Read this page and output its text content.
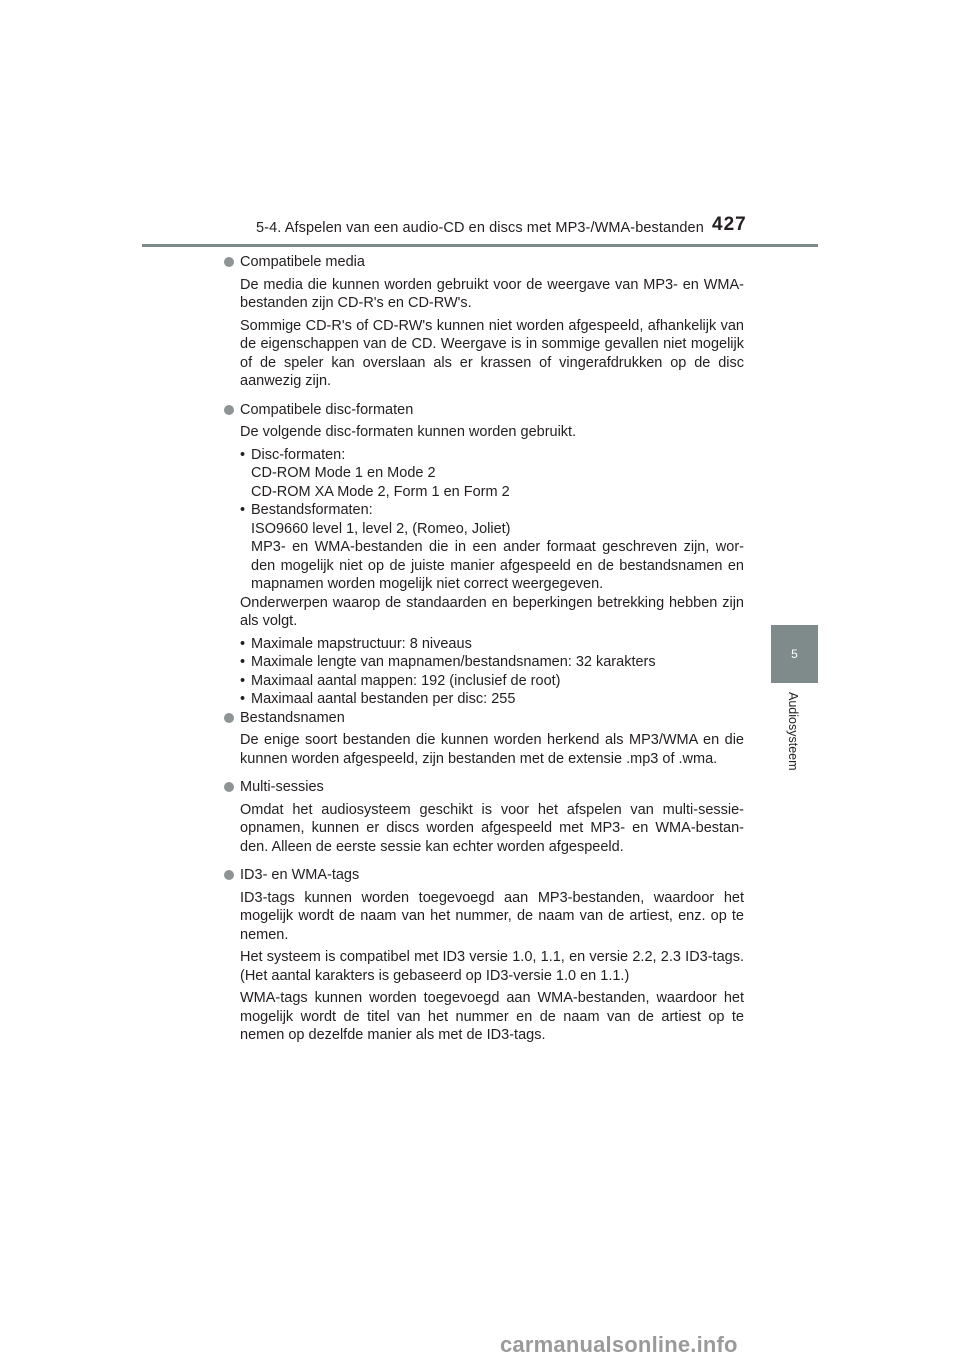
5-4. Afspelen van een audio-CD en discs met MP3-/WMA-bestanden 427
5
Audiosysteem
Compatibele media

De media die kunnen worden gebruikt voor de weergave van MP3- en WMA-bestanden zijn CD-R's en CD-RW's.

Sommige CD-R's of CD-RW's kunnen niet worden afgespeeld, afhankelijk van de eigenschappen van de CD. Weergave is in sommige gevallen niet mogelijk of de speler kan overslaan als er krassen of vingerafdrukken op de disc aanwezig zijn.

Compatibele disc-formaten

De volgende disc-formaten kunnen worden gebruikt.

• Disc-formaten:
CD-ROM Mode 1 en Mode 2
CD-ROM XA Mode 2, Form 1 en Form 2
• Bestandsformaten:
ISO9660 level 1, level 2, (Romeo, Joliet)
MP3- en WMA-bestanden die in een ander formaat geschreven zijn, wor-den mogelijk niet op de juiste manier afgespeeld en de bestandsnamen en mapnamen worden mogelijk niet correct weergegeven.

Onderwerpen waarop de standaarden en beperkingen betrekking hebben zijn als volgt.

• Maximale mapstructuur: 8 niveaus
• Maximale lengte van mapnamen/bestandsnamen: 32 karakters
• Maximaal aantal mappen: 192 (inclusief de root)
• Maximaal aantal bestanden per disc: 255
Bestandsnamen

De enige soort bestanden die kunnen worden herkend als MP3/WMA en die kunnen worden afgespeeld, zijn bestanden met de extensie .mp3 of .wma.

Multi-sessies

Omdat het audiosysteem geschikt is voor het afspelen van multi-sessie-opnamen, kunnen er discs worden afgespeeld met MP3- en WMA-bestan-den. Alleen de eerste sessie kan echter worden afgespeeld.

ID3- en WMA-tags

ID3-tags kunnen worden toegevoegd aan MP3-bestanden, waardoor het mogelijk wordt de naam van het nummer, de naam van de artiest, enz. op te nemen.

Het systeem is compatibel met ID3 versie 1.0, 1.1, en versie 2.2, 2.3 ID3-tags. (Het aantal karakters is gebaseerd op ID3-versie 1.0 en 1.1.)

WMA-tags kunnen worden toegevoegd aan WMA-bestanden, waardoor het mogelijk wordt de titel van het nummer en de naam van de artiest op te nemen op dezelfde manier als met de ID3-tags.

carmanualsonline.info
